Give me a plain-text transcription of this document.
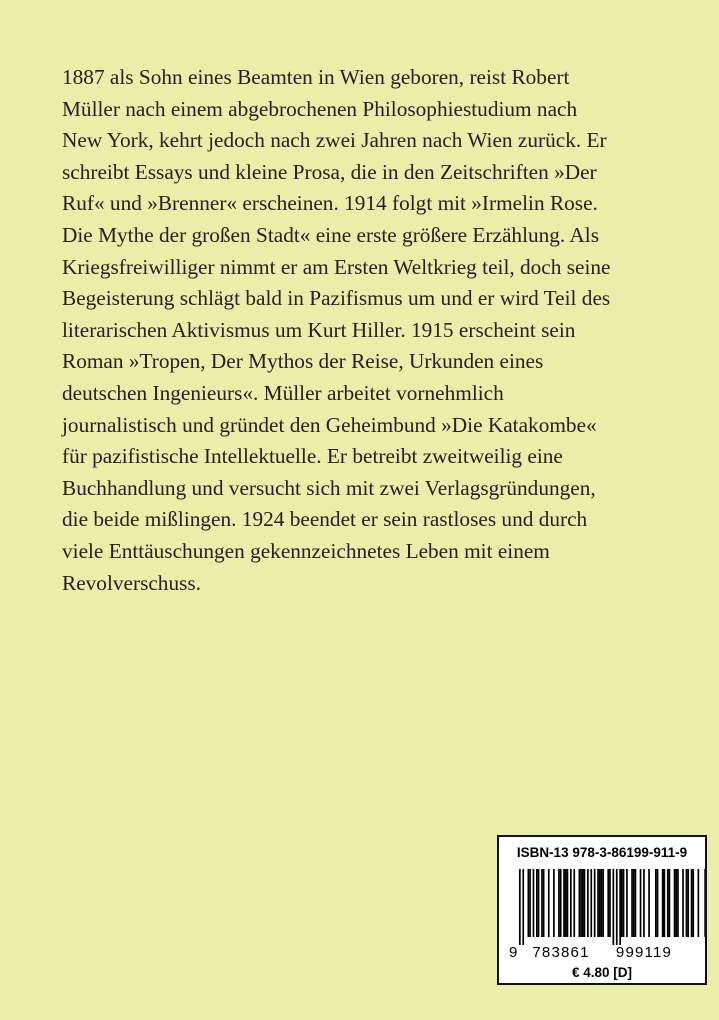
1887 als Sohn eines Beamten in Wien geboren, reist Robert
Müller nach einem abgebrochenen Philosophiestudium nach
New York, kehrt jedoch nach zwei Jahren nach Wien zurück. Er
schreibt Essays und kleine Prosa, die in den Zeitschriften »Der
Ruf« und »Brenner« erscheinen. 1914 folgt mit »Irmelin Rose.
Die Mythe der großen Stadt« eine erste größere Erzählung. Als
Kriegsfreiwilliger nimmt er am Ersten Weltkrieg teil, doch seine
Begeisterung schlägt bald in Pazifismus um und er wird Teil des
literarischen Aktivismus um Kurt Hiller. 1915 erscheint sein
Roman »Tropen, Der Mythos der Reise, Urkunden eines
deutschen Ingenieurs«. Müller arbeitet vornehmlich
journalistisch und gründet den Geheimbund »Die Katakombe«
für pazifistische Intellektuelle. Er betreibt zweitweilig eine
Buchhandlung und versucht sich mit zwei Verlagsgründungen,
die beide mißlingen. 1924 beendet er sein rastloses und durch
viele Enttäuschungen gekennzeichnetes Leben mit einem
Revolverschuss.
ISBN-13 978-3-86199-911-9
9 783861 999119
€ 4.80 [D]
